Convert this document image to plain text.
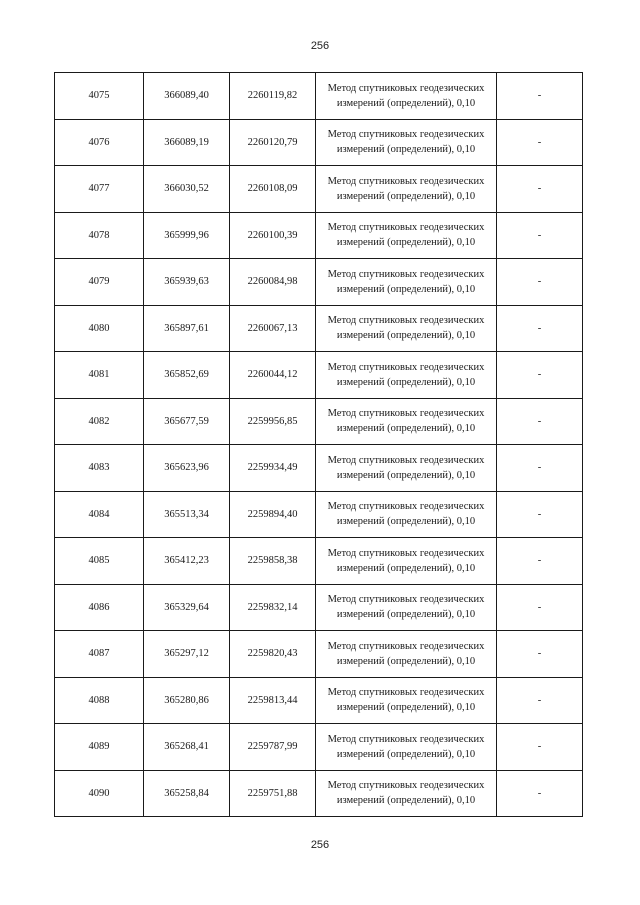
256
4075	366089,40	2260119,82	Метод спутниковых геодезических измерений (определений), 0,10	-
4076	366089,19	2260120,79	Метод спутниковых геодезических измерений (определений), 0,10	-
4077	366030,52	2260108,09	Метод спутниковых геодезических измерений (определений), 0,10	-
4078	365999,96	2260100,39	Метод спутниковых геодезических измерений (определений), 0,10	-
4079	365939,63	2260084,98	Метод спутниковых геодезических измерений (определений), 0,10	-
4080	365897,61	2260067,13	Метод спутниковых геодезических измерений (определений), 0,10	-
4081	365852,69	2260044,12	Метод спутниковых геодезических измерений (определений), 0,10	-
4082	365677,59	2259956,85	Метод спутниковых геодезических измерений (определений), 0,10	-
4083	365623,96	2259934,49	Метод спутниковых геодезических измерений (определений), 0,10	-
4084	365513,34	2259894,40	Метод спутниковых геодезических измерений (определений), 0,10	-
4085	365412,23	2259858,38	Метод спутниковых геодезических измерений (определений), 0,10	-
4086	365329,64	2259832,14	Метод спутниковых геодезических измерений (определений), 0,10	-
4087	365297,12	2259820,43	Метод спутниковых геодезических измерений (определений), 0,10	-
4088	365280,86	2259813,44	Метод спутниковых геодезических измерений (определений), 0,10	-
4089	365268,41	2259787,99	Метод спутниковых геодезических измерений (определений), 0,10	-
4090	365258,84	2259751,88	Метод спутниковых геодезических измерений (определений), 0,10	-
256
